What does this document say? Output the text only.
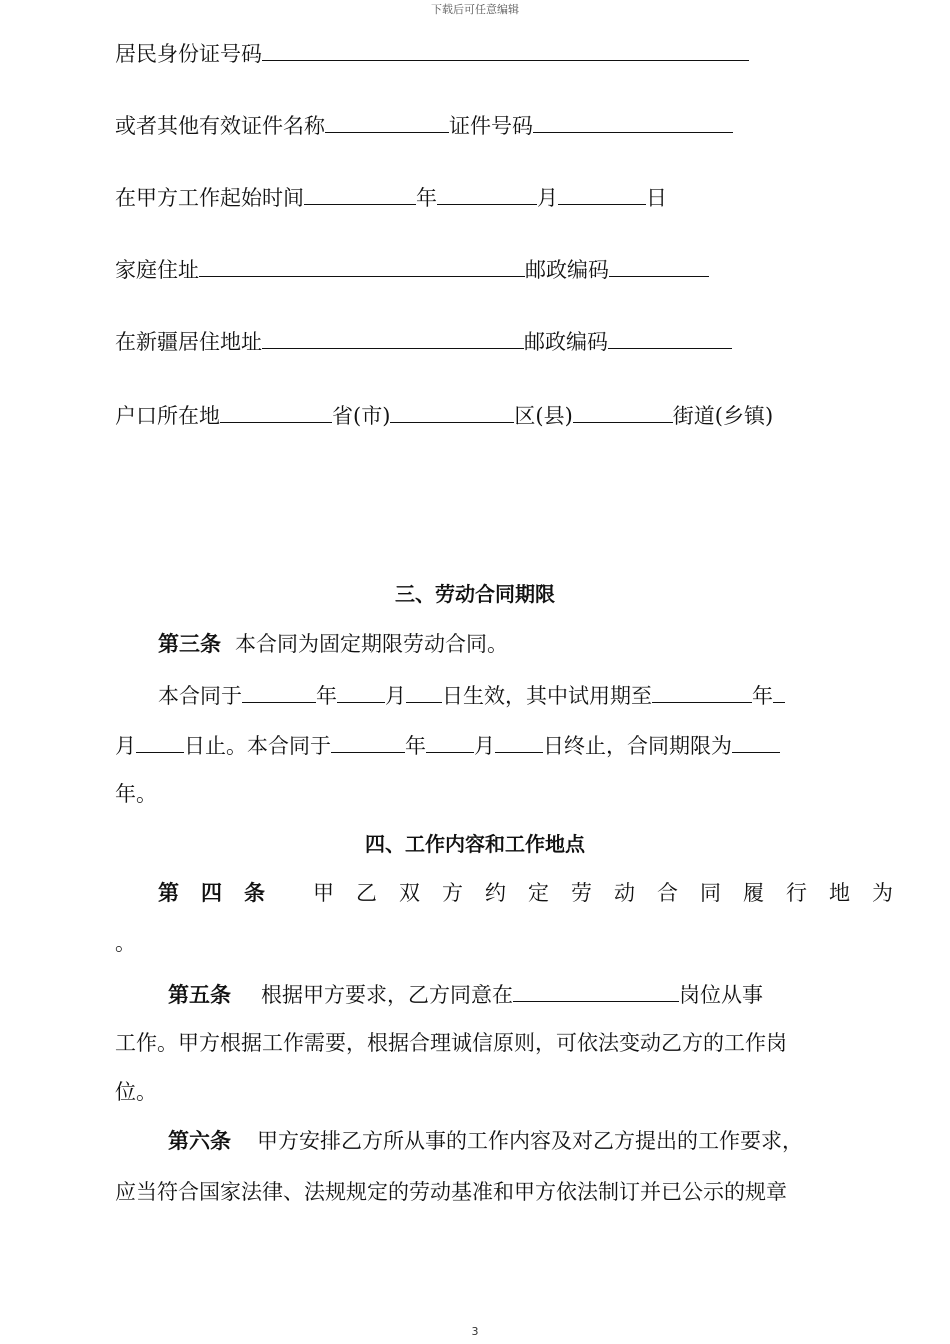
下载后可任意编辑
居民身份证号码
或者其他有效证件名称	证件号码
在甲方工作起始时间	年	月	日
家庭住址	邮政编码
在新疆居住地址	邮政编码
户口所在地	省(市)	区(县)	街道(乡镇)
三、劳动合同期限
第三条 本合同为固定期限劳动合同。
本合同于	年 月 日生效，其中试用期至	年
月 日止。本合同于	年 月 日终止，合同期限为
年。
四、工作内容和工作地点
第四条 甲乙双方约定劳动合同履行地为
。
第五条 根据甲方要求，乙方同意在	岗位从事
工作。甲方根据工作需要，根据合理诚信原则，可依法变动乙方的工作岗
位。
第六条 甲方安排乙方所从事的工作内容及对乙方提出的工作要求，
应当符合国家法律、法规规定的劳动基准和甲方依法制订并已公示的规章
3
